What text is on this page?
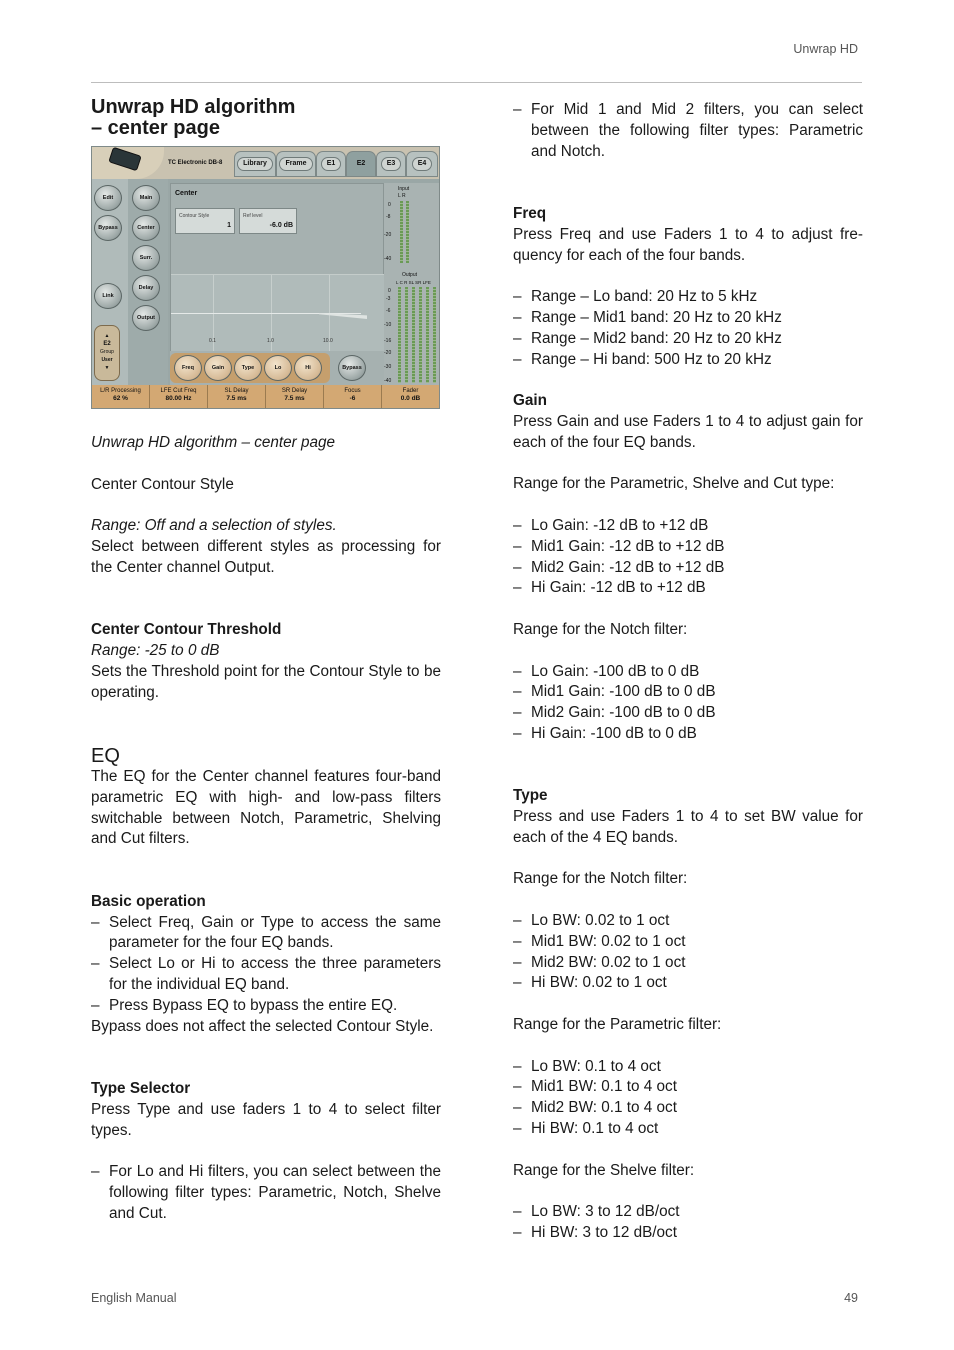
Unwrap HD
Unwrap HD algorithm
– center page
TC Electronic DB-8	Library	Frame	E1	E2	E3	E4
Edit
Bypass
Link
Main
Center
Surr.
Delay
Output
▲
E2
Group
User
▼
Center
Contour Style
1
Ref level
-6.0 dB
0.1	1.0	10.0
Freq	Gain	Type	Lo	Hi	Bypass
Input
L R
0
-8
-20
-40
Output
L C R SL SR LFE
0
-3
-6
-10
-16
-20
-30
-40
L/R Processing
62 %
LFE Cut Freq
80.00 Hz
SL Delay
7.5 ms
SR Delay
7.5 ms
Focus
-6
Fader
0.0 dB

Unwrap HD algorithm – center page

Center Contour Style

Range: Off and a selection of styles.

Select between different styles as processing for the Center channel Output.

Center Contour Threshold

Range: -25 to 0 dB

Sets the Threshold point for the Contour Style to be operating.

EQ

The EQ for the Center channel features four-band parametric EQ with high- and low-pass filters switchable between Notch, Parametric, Shelving and Cut filters.

Basic operation
– Select Freq, Gain or Type to access the same parameter for the four EQ bands.
– Select Lo or Hi to access the three parameters for the individual EQ band.
– Press Bypass EQ to bypass the entire EQ.

Bypass does not affect the selected Contour Style.

Type Selector

Press Type and use faders 1 to 4 to select filter types.

– For Lo and Hi filters, you can select between the following filter types: Parametric, Notch, Shelve and Cut.
– For Mid 1 and Mid 2 filters, you can select between the following filter types: Parametric and Notch.
Freq

Press Freq and use Faders 1 to 4 to adjust fre-quency for each of the four bands.

– Range – Lo band: 20 Hz to 5 kHz
– Range – Mid1 band: 20 Hz to 20 kHz
– Range – Mid2 band: 20 Hz to 20 kHz
– Range – Hi band: 500 Hz to 20 kHz
Gain

Press Gain and use Faders 1 to 4 to adjust gain for each of the four EQ bands.

Range for the Parametric, Shelve and Cut type:

– Lo Gain: -12 dB to +12 dB
– Mid1 Gain: -12 dB to +12 dB
– Mid2 Gain: -12 dB to +12 dB
– Hi Gain: -12 dB to +12 dB

Range for the Notch filter:

– Lo Gain: -100 dB to 0 dB
– Mid1 Gain: -100 dB to 0 dB
– Mid2 Gain: -100 dB to 0 dB
– Hi Gain: -100 dB to 0 dB
Type

Press and use Faders 1 to 4 to set BW value for each of the 4 EQ bands.

Range for the Notch filter:

– Lo BW: 0.02 to 1 oct
– Mid1 BW: 0.02 to 1 oct
– Mid2 BW: 0.02 to 1 oct
– Hi BW: 0.02 to 1 oct

Range for the Parametric filter:

– Lo BW: 0.1 to 4 oct
– Mid1 BW: 0.1 to 4 oct
– Mid2 BW: 0.1 to 4 oct
– Hi BW: 0.1 to 4 oct

Range for the Shelve filter:

– Lo BW: 3 to 12 dB/oct
– Hi BW: 3 to 12 dB/oct
English Manual	49
